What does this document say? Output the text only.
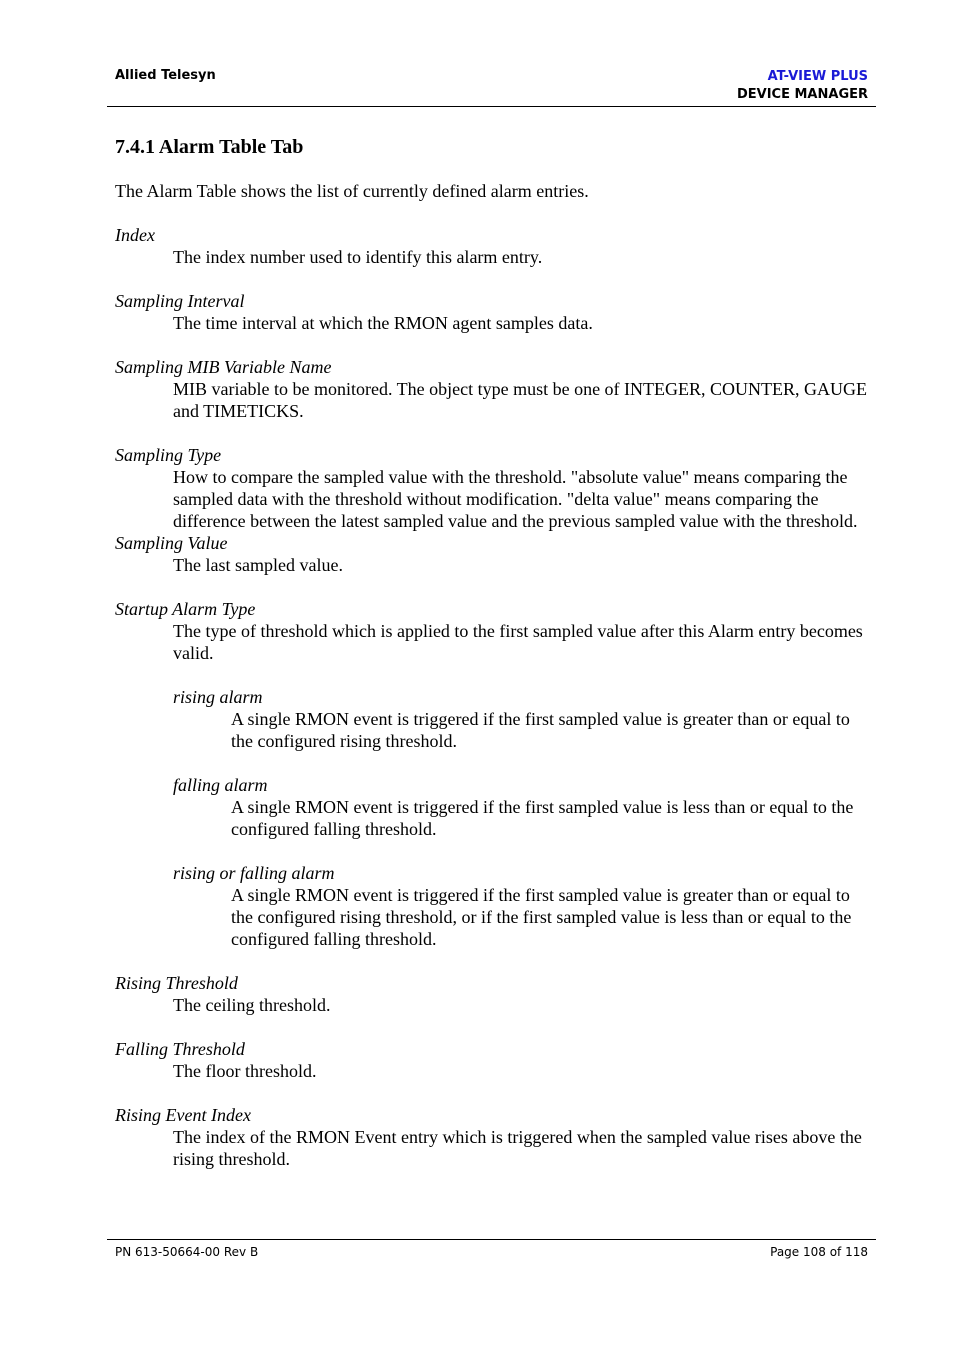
Allied Telesyn	AT-VIEW PLUS
DEVICE MANAGER
7.4.1 Alarm Table Tab
The Alarm Table shows the list of currently defined alarm entries.
Index
The index number used to identify this alarm entry.
Sampling Interval
The time interval at which the RMON agent samples data.
Sampling MIB Variable Name
MIB variable to be monitored. The object type must be one of INTEGER, COUNTER, GAUGE and TIMETICKS.
Sampling Type
How to compare the sampled value with the threshold. "absolute value" means comparing the sampled data with the threshold without modification. "delta value" means comparing the difference between the latest sampled value and the previous sampled value with the threshold.
Sampling Value
The last sampled value.
Startup Alarm Type
The type of threshold which is applied to the first sampled value after this Alarm entry becomes valid.
rising alarm
A single RMON event is triggered if the first sampled value is greater than or equal to the configured rising threshold.
falling alarm
A single RMON event is triggered if the first sampled value is less than or equal to the configured falling threshold.
rising or falling alarm
A single RMON event is triggered if the first sampled value is greater than or equal to the configured rising threshold, or if the first sampled value is less than or equal to the configured falling threshold.
Rising Threshold
The ceiling threshold.
Falling Threshold
The floor threshold.
Rising Event Index
The index of the RMON Event entry which is triggered when the sampled value rises above the rising threshold.
PN 613-50664-00 Rev B	Page 108 of 118
